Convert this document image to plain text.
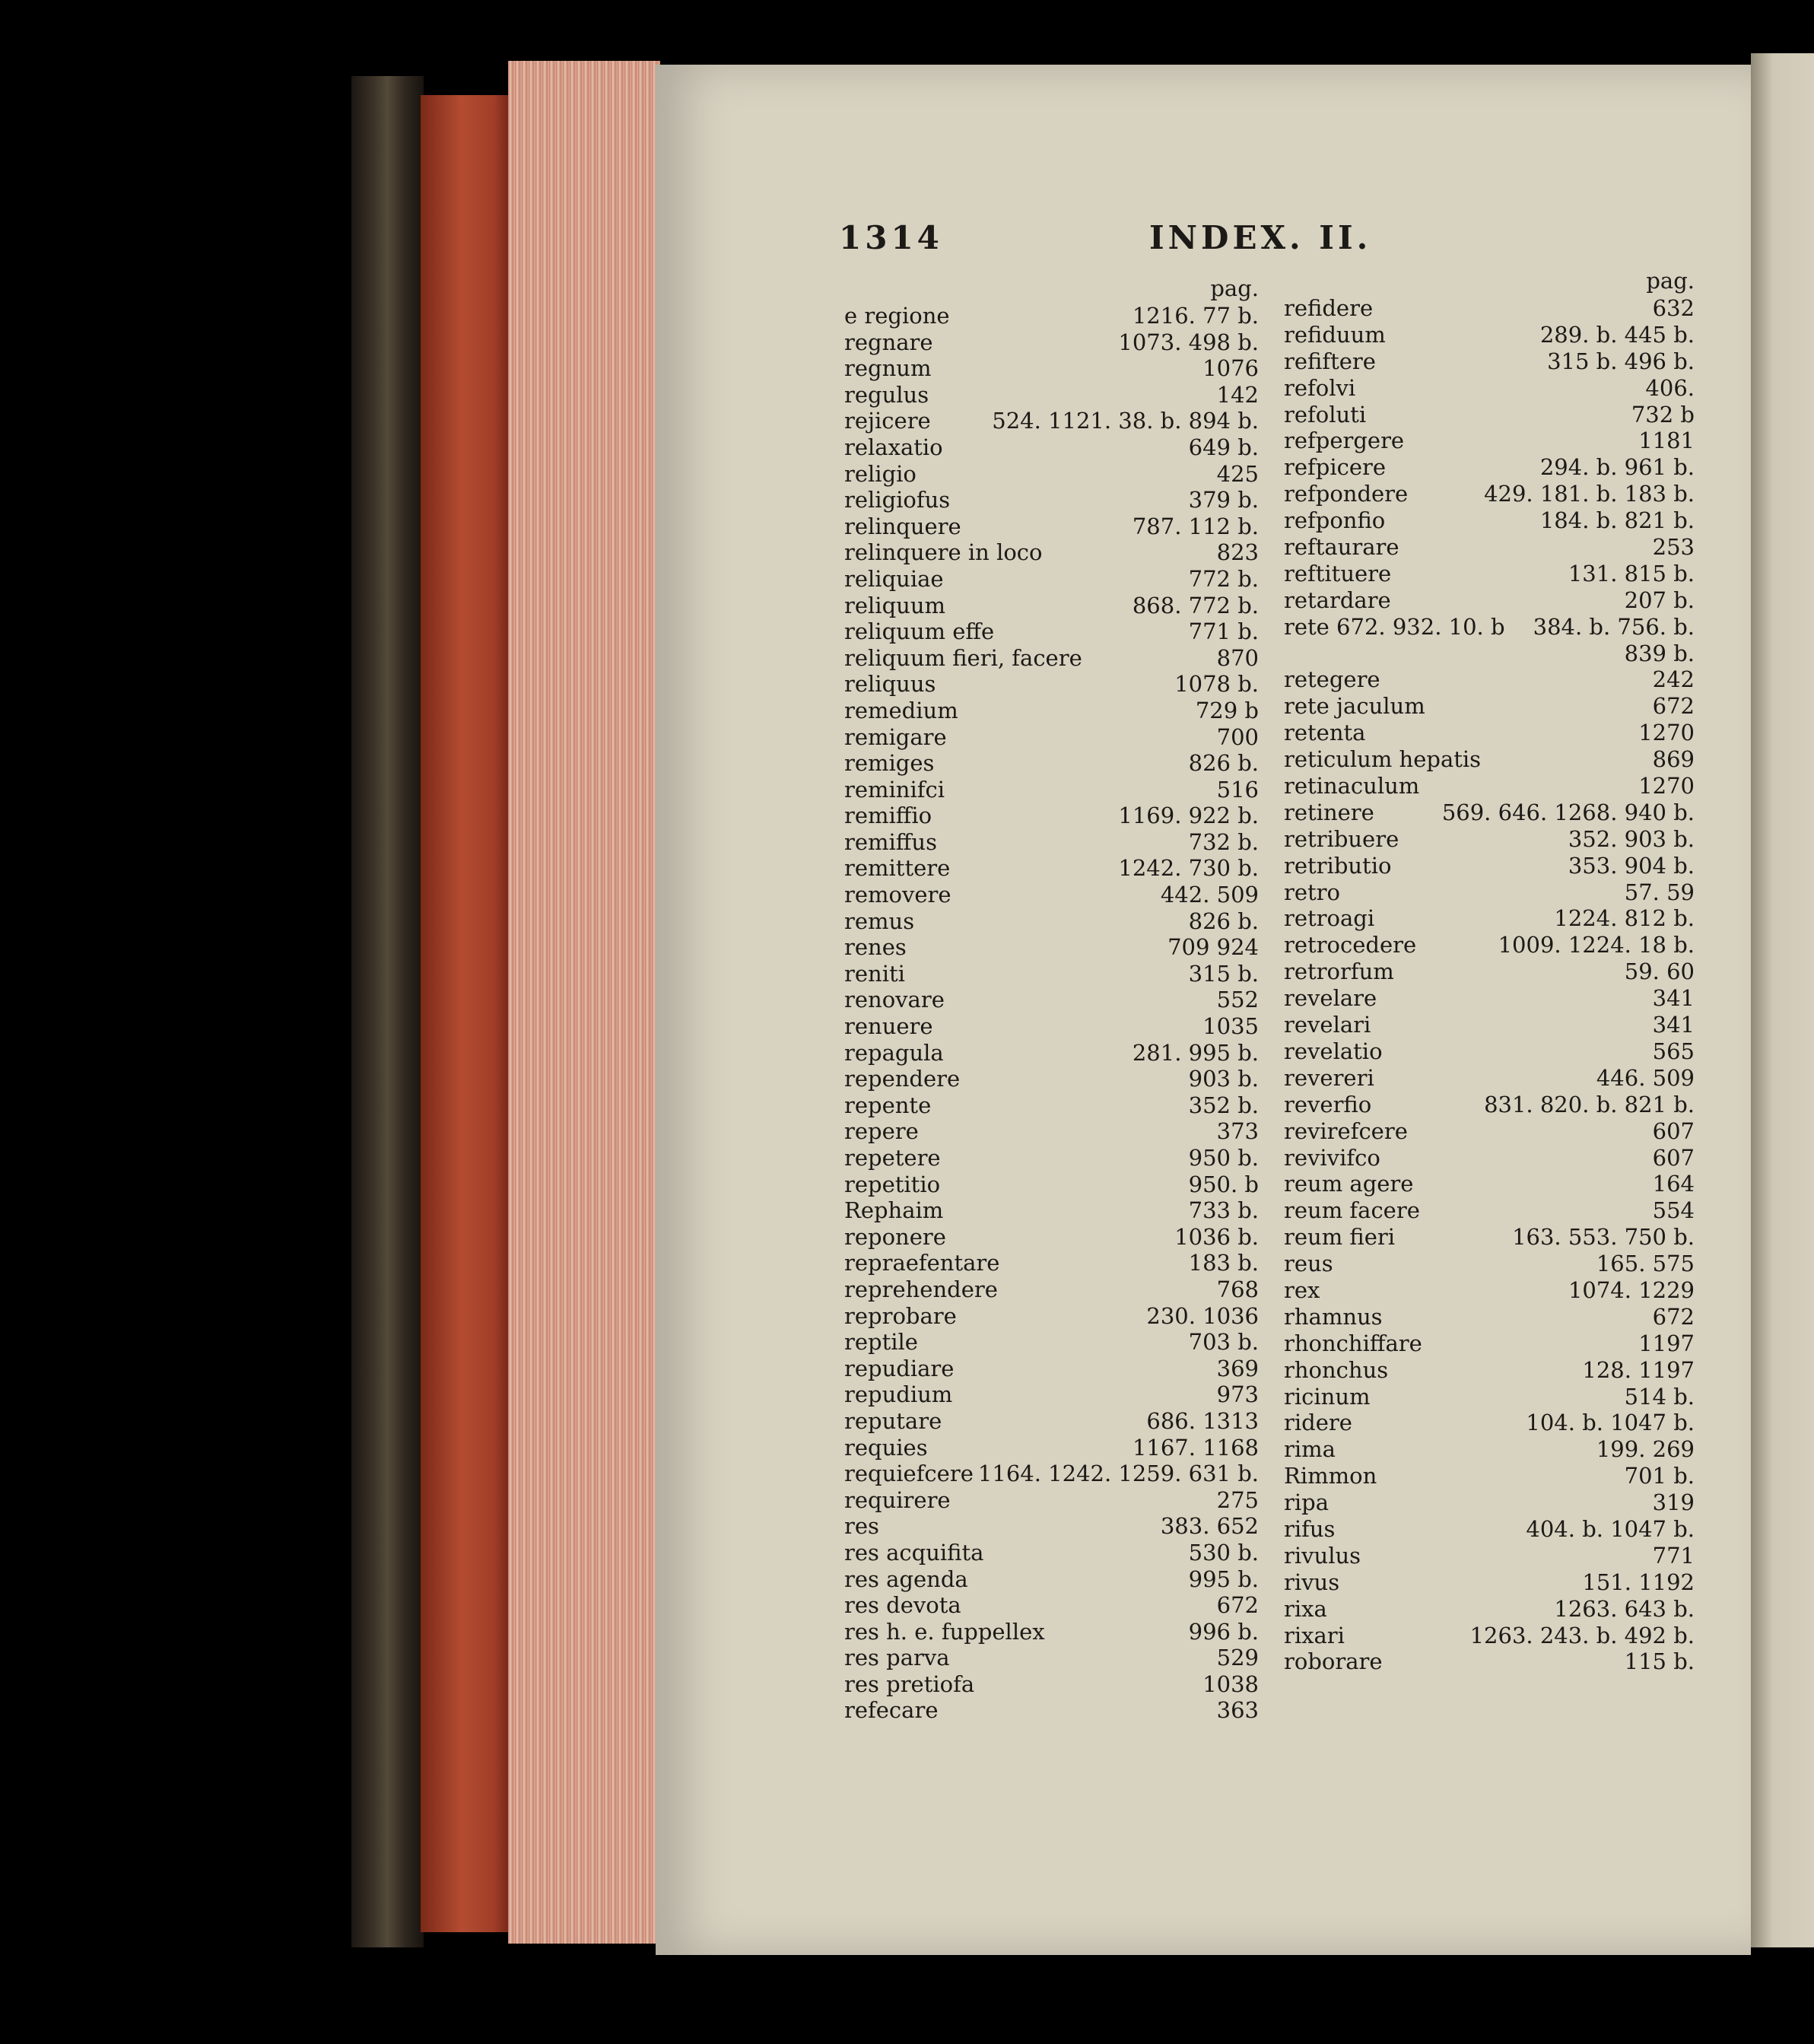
1314	INDEX. II.
pag.
e regione	1216. 77 b.
regnare	1073. 498 b.
regnum	1076
regulus	142
rejicere	524. 1121. 38. b. 894 b.
relaxatio	649 b.
religio	425
religiofus	379 b.
relinquere	787. 112 b.
relinquere in loco	823
reliquiae	772 b.
reliquum	868. 772 b.
reliquum effe	771 b.
reliquum fieri, facere	870
reliquus	1078 b.
remedium	729 b
remigare	700
remiges	826 b.
reminifci	516
remiffio	1169. 922 b.
remiffus	732 b.
remittere	1242. 730 b.
removere	442. 509
remus	826 b.
renes	709 924
reniti	315 b.
renovare	552
renuere	1035
repagula	281. 995 b.
rependere	903 b.
repente	352 b.
repere	373
repetere	950 b.
repetitio	950. b
Rephaim	733 b.
reponere	1036 b.
repraefentare	183 b.
reprehendere	768
reprobare	230. 1036
reptile	703 b.
repudiare	369
repudium	973
reputare	686. 1313
requies	1167. 1168
requiefcere 1164. 1242. 1259. 631 b.
requirere	275
res	383. 652
res acquifita	530 b.
res agenda	995 b.
res devota	672
res h. e. fuppellex	996 b.
res parva	529
res pretiofa	1038
refecare	363
pag.
refidere	632
refiduum	289. b. 445 b.
refiftere	315 b. 496 b.
refolvi	406.
refoluti	732 b
refpergere	1181
refpicere	294. b. 961 b.
refpondere	429. 181. b. 183 b.
refponfio	184. b. 821 b.
reftaurare	253
reftituere	131. 815 b.
retardare	207 b.
rete 672. 932. 10. b 384. b. 756. b.
839 b.
retegere	242
rete jaculum	672
retenta	1270
reticulum hepatis	869
retinaculum	1270
retinere	569. 646. 1268. 940 b.
retribuere	352. 903 b.
retributio	353. 904 b.
retro	57. 59
retroagi	1224. 812 b.
retrocedere	1009. 1224. 18 b.
retrorfum	59. 60
revelare	341
revelari	341
revelatio	565
revereri	446. 509
reverfio	831. 820. b. 821 b.
revirefcere	607
revivifco	607
reum agere	164
reum facere	554
reum fieri	163. 553. 750 b.
reus	165. 575
rex	1074. 1229
rhamnus	672
rhonchiffare	1197
rhonchus	128. 1197
ricinum	514 b.
ridere	104. b. 1047 b.
rima	199. 269
Rimmon	701 b.
ripa	319
rifus	404. b. 1047 b.
rivulus	771
rivus	151. 1192
rixa	1263. 643 b.
rixari	1263. 243. b. 492 b.
roborare	115 b.
